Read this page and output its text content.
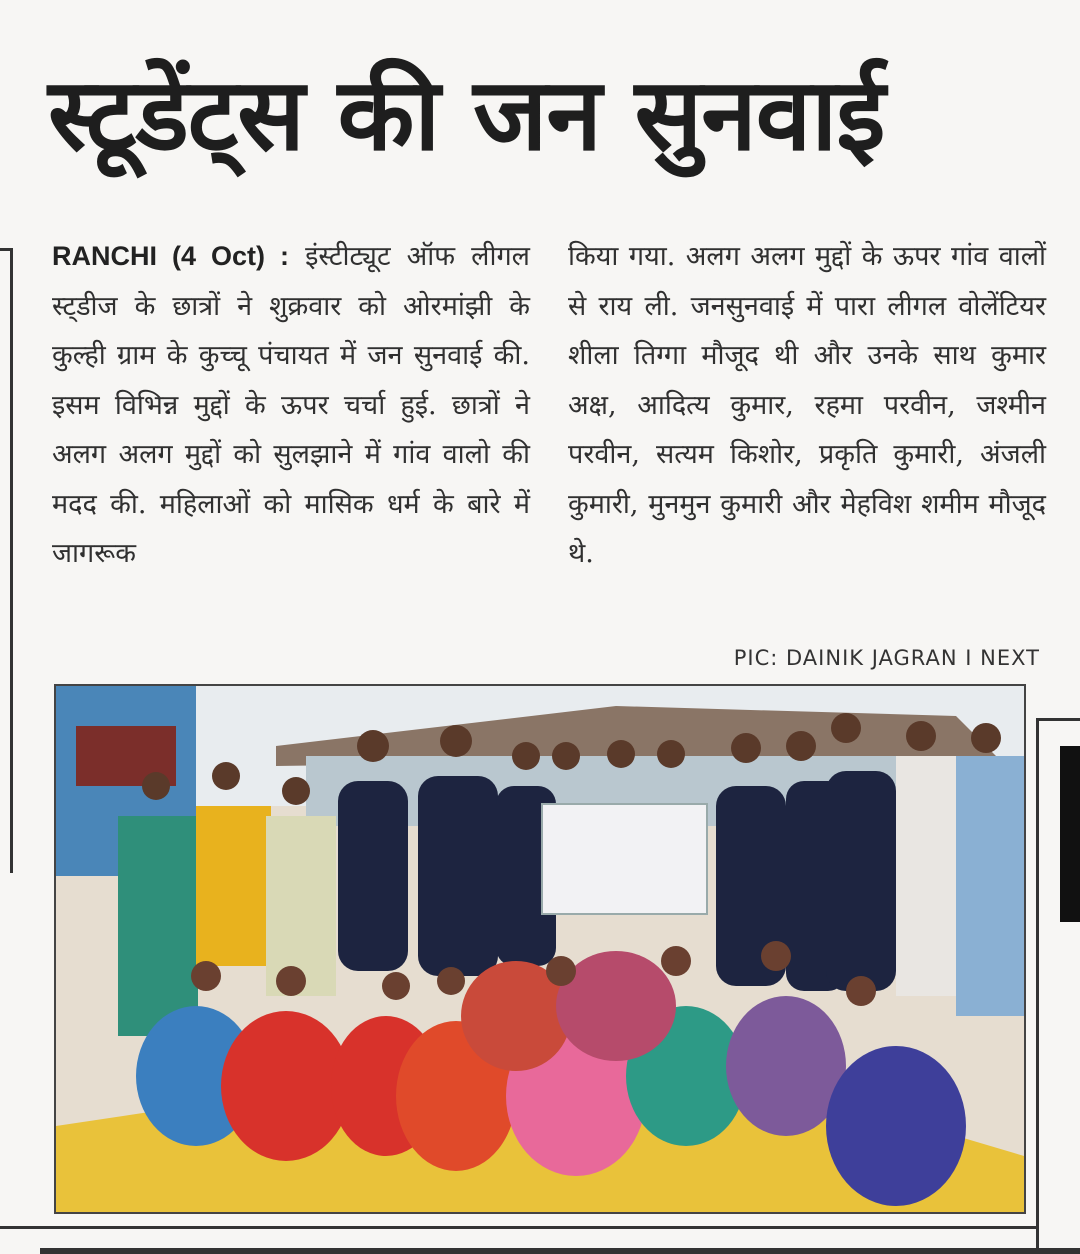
स्टूडेंट्स की जन सुनवाई
RANCHI (4 Oct) : इंस्टीट्यूट ऑफ लीगल स्ट्डीज के छात्रों ने शुक्रवार को ओरमांझी के कुल्ही ग्राम के कुच्चू पंचायत में जन सुनवाई की. इसम विभिन्न मुद्दों के ऊपर चर्चा हुई. छात्रों ने अलग अलग मुद्दों को सुलझाने में गांव वालो की मदद की. महिलाओं को मासिक धर्म के बारे में जागरूक
किया गया. अलग अलग मुद्दों के ऊपर गांव वालों से राय ली. जनसुनवाई में पारा लीगल वोलेंटियर शीला तिग्गा मौजूद थी और उनके साथ कुमार अक्ष, आदित्य कुमार, रहमा परवीन, जश्मीन परवीन, सत्यम किशोर, प्रकृति कुमारी, अंजली कुमारी, मुनमुन कुमारी और मेहविश शमीम मौजूद थे.
PIC: DAINIK JAGRAN I NEXT
